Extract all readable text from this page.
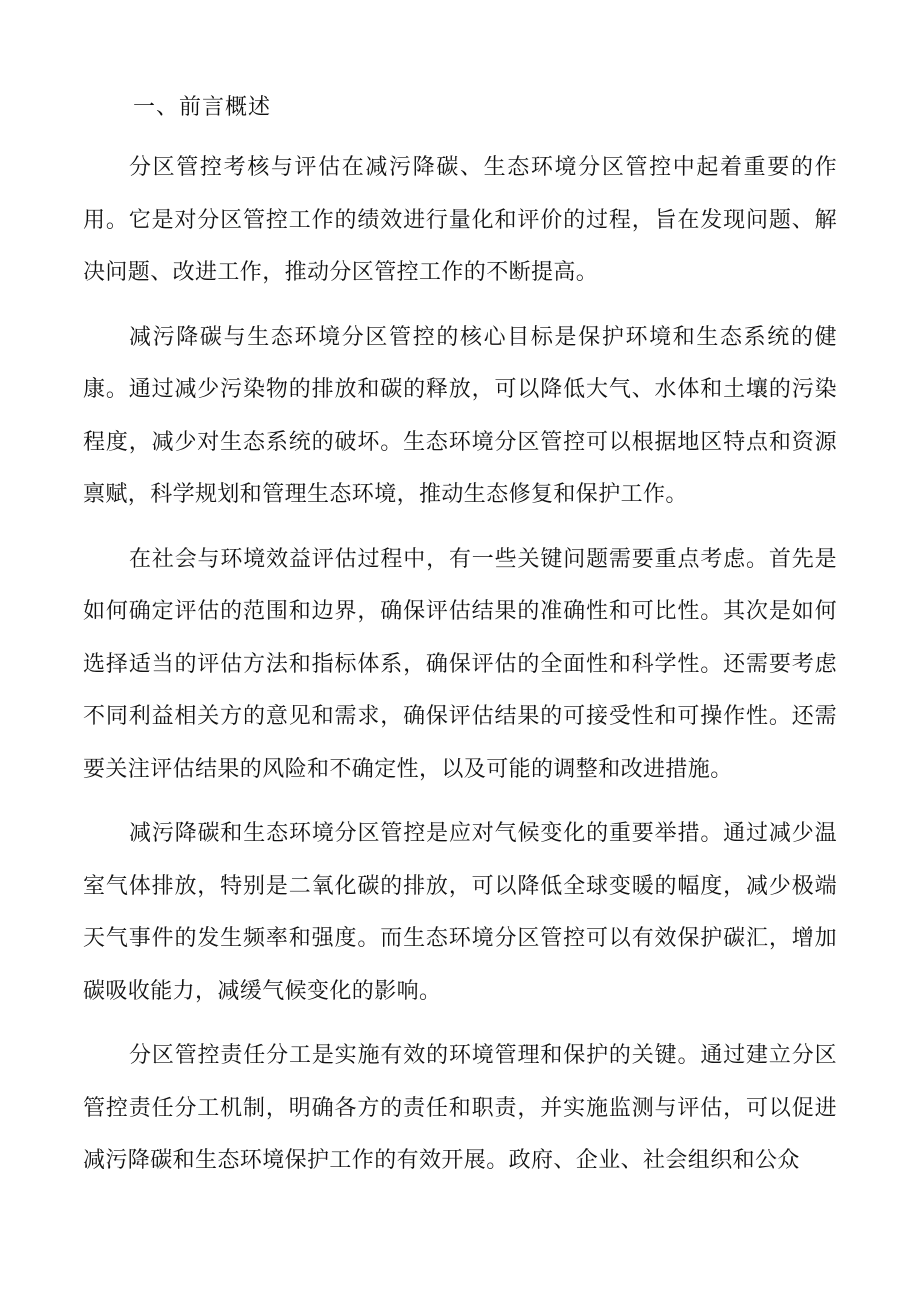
一、前言概述

分区管控考核与评估在减污降碳、生态环境分区管控中起着重要的作用。它是对分区管控工作的绩效进行量化和评价的过程，旨在发现问题、解决问题、改进工作，推动分区管控工作的不断提高。

减污降碳与生态环境分区管控的核心目标是保护环境和生态系统的健康。通过减少污染物的排放和碳的释放，可以降低大气、水体和土壤的污染程度，减少对生态系统的破坏。生态环境分区管控可以根据地区特点和资源禀赋，科学规划和管理生态环境，推动生态修复和保护工作。

在社会与环境效益评估过程中，有一些关键问题需要重点考虑。首先是如何确定评估的范围和边界，确保评估结果的准确性和可比性。其次是如何选择适当的评估方法和指标体系，确保评估的全面性和科学性。还需要考虑不同利益相关方的意见和需求，确保评估结果的可接受性和可操作性。还需要关注评估结果的风险和不确定性，以及可能的调整和改进措施。

减污降碳和生态环境分区管控是应对气候变化的重要举措。通过减少温室气体排放，特别是二氧化碳的排放，可以降低全球变暖的幅度，减少极端天气事件的发生频率和强度。而生态环境分区管控可以有效保护碳汇，增加碳吸收能力，减缓气候变化的影响。

分区管控责任分工是实施有效的环境管理和保护的关键。通过建立分区管控责任分工机制，明确各方的责任和职责，并实施监测与评估，可以促进减污降碳和生态环境保护工作的有效开展。政府、企业、社会组织和公众
